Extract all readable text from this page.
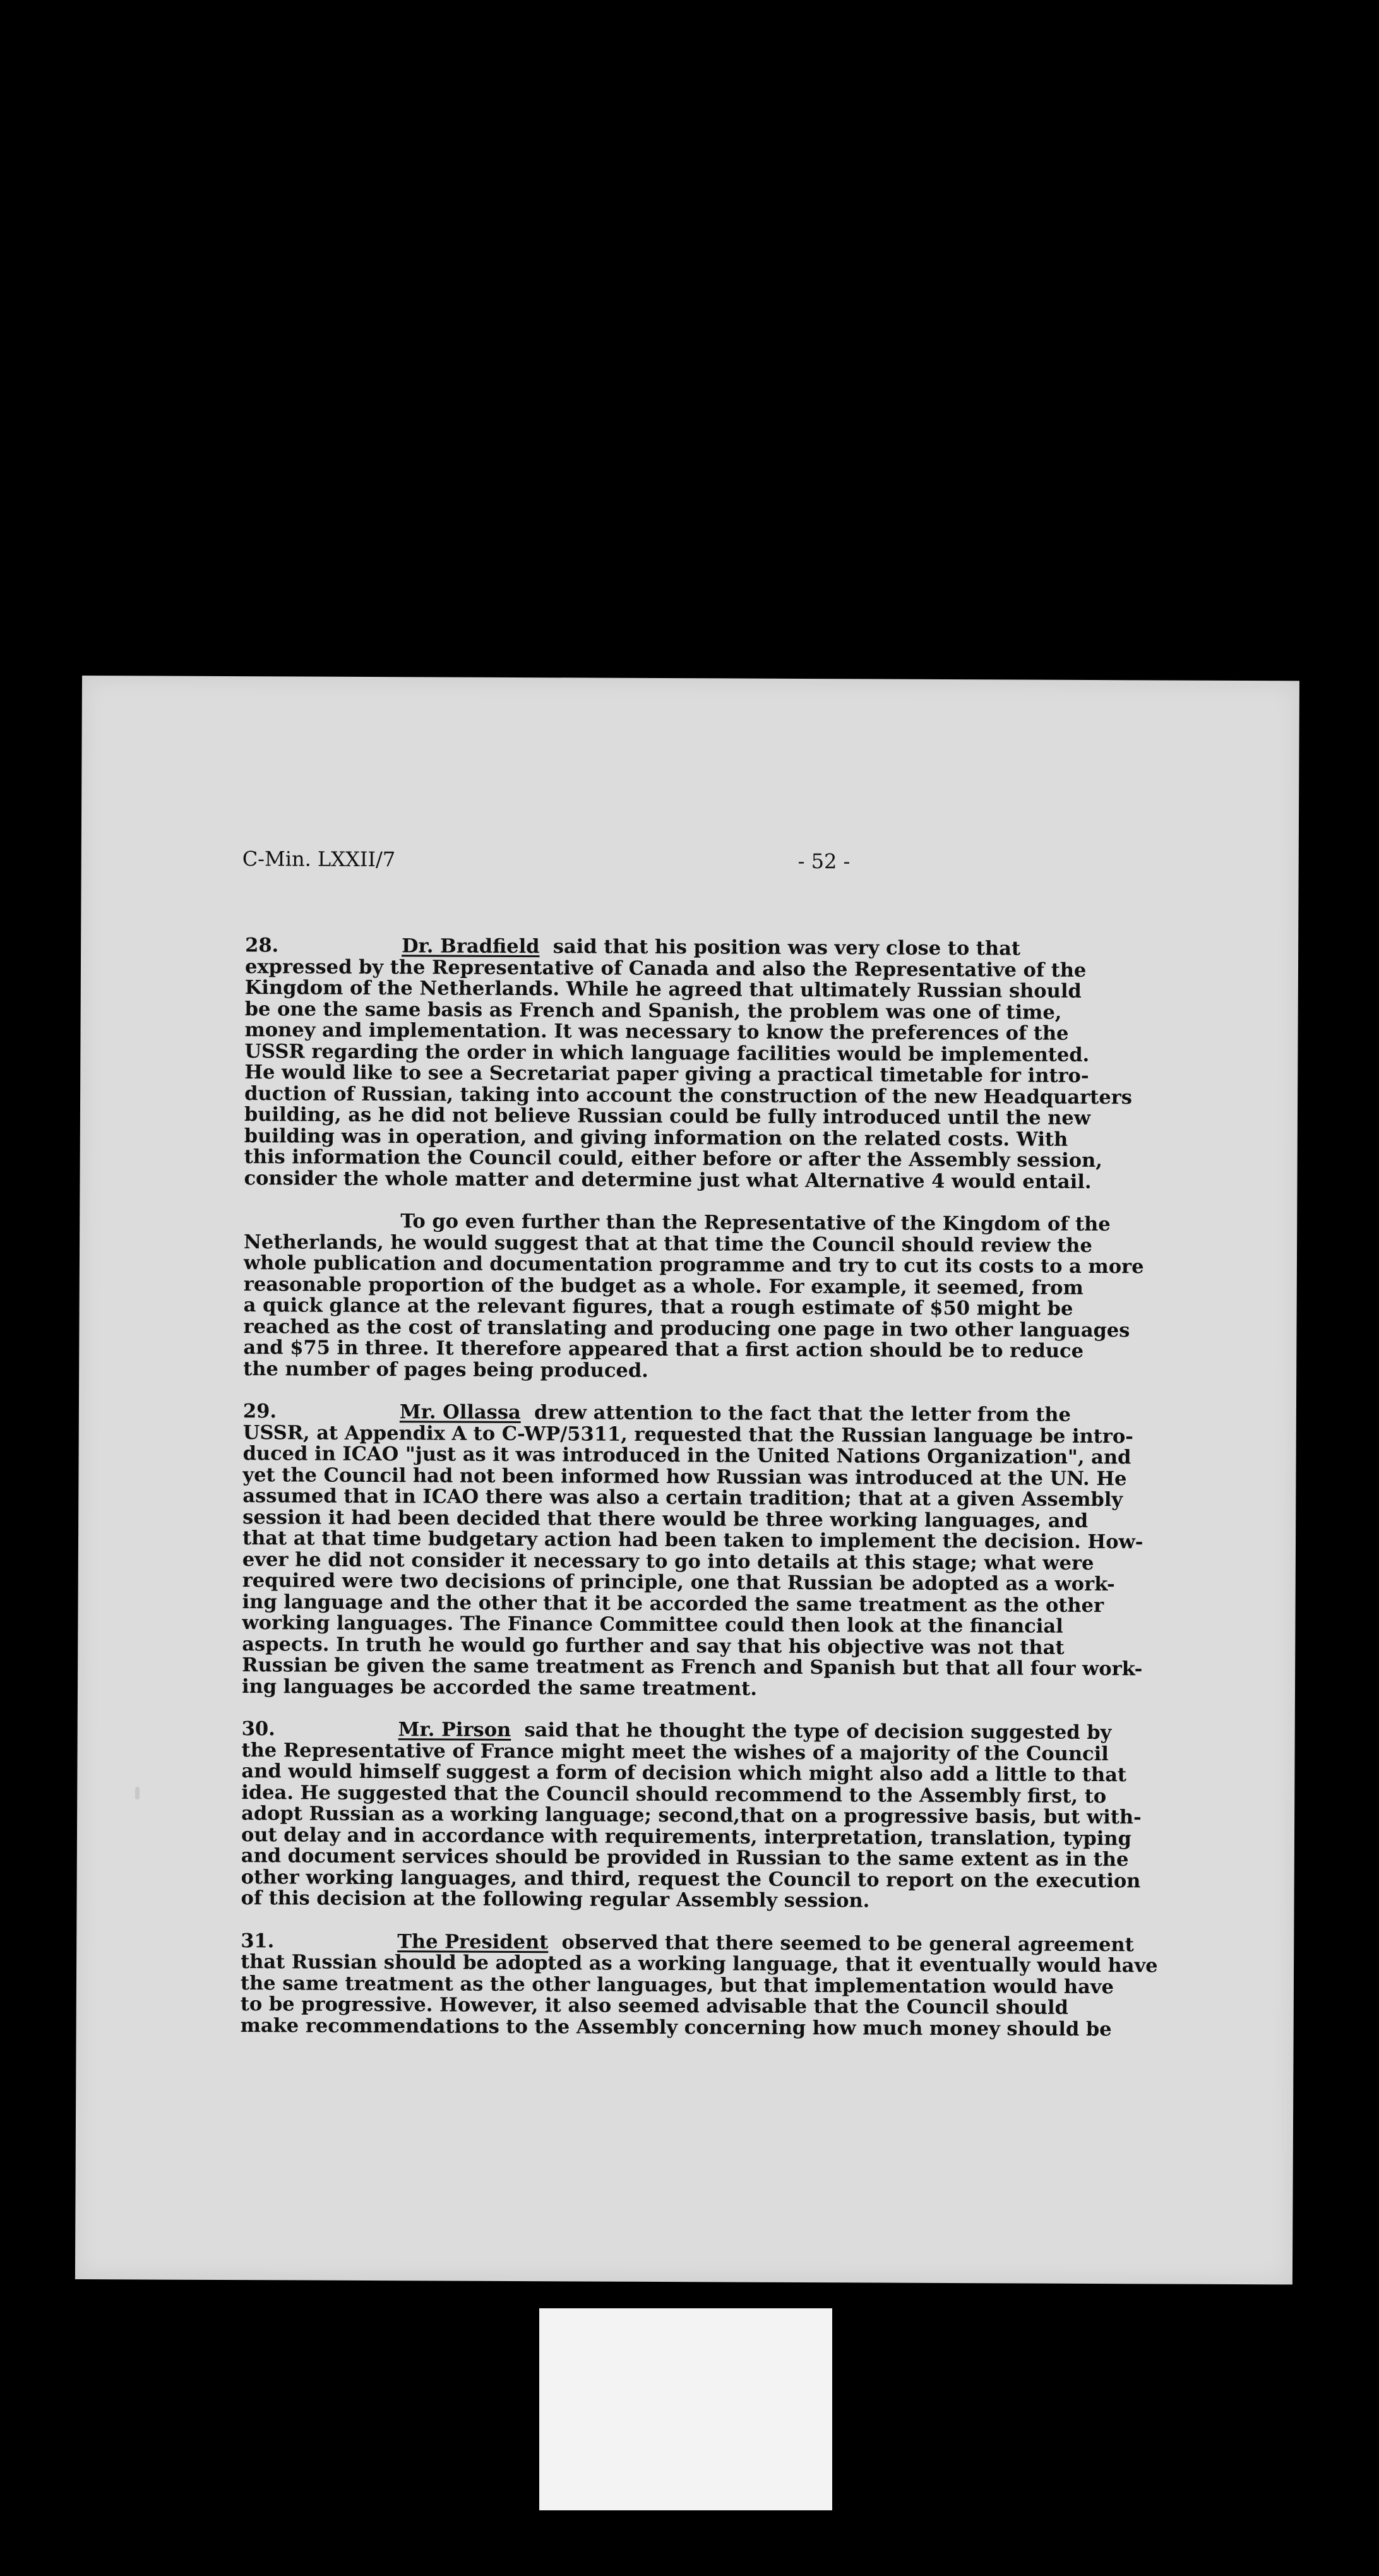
C-Min. LXXII/7	- 52 -

28.	Dr. Bradfield said that his position was very close to that

expressed by the Representative of Canada and also the Representative of the

Kingdom of the Netherlands. While he agreed that ultimately Russian should

be one the same basis as French and Spanish, the problem was one of time,

money and implementation. It was necessary to know the preferences of the

USSR regarding the order in which language facilities would be implemented.

He would like to see a Secretariat paper giving a practical timetable for intro-

duction of Russian, taking into account the construction of the new Headquarters

building, as he did not believe Russian could be fully introduced until the new

building was in operation, and giving information on the related costs. With

this information the Council could, either before or after the Assembly session,

consider the whole matter and determine just what Alternative 4 would entail.

To go even further than the Representative of the Kingdom of the

Netherlands, he would suggest that at that time the Council should review the

whole publication and documentation programme and try to cut its costs to a more

reasonable proportion of the budget as a whole. For example, it seemed, from

a quick glance at the relevant figures, that a rough estimate of $50 might be

reached as the cost of translating and producing one page in two other languages

and $75 in three. It therefore appeared that a first action should be to reduce

the number of pages being produced.

29.	Mr. Ollassa drew attention to the fact that the letter from the

USSR, at Appendix A to C-WP/5311, requested that the Russian language be intro-

duced in ICAO "just as it was introduced in the United Nations Organization", and

yet the Council had not been informed how Russian was introduced at the UN. He

assumed that in ICAO there was also a certain tradition; that at a given Assembly

session it had been decided that there would be three working languages, and

that at that time budgetary action had been taken to implement the decision. How-

ever he did not consider it necessary to go into details at this stage; what were

required were two decisions of principle, one that Russian be adopted as a work-

ing language and the other that it be accorded the same treatment as the other

working languages. The Finance Committee could then look at the financial

aspects. In truth he would go further and say that his objective was not that

Russian be given the same treatment as French and Spanish but that all four work-

ing languages be accorded the same treatment.

30.	Mr. Pirson said that he thought the type of decision suggested by

the Representative of France might meet the wishes of a majority of the Council

and would himself suggest a form of decision which might also add a little to that

idea. He suggested that the Council should recommend to the Assembly first, to

adopt Russian as a working language; second,that on a progressive basis, but with-

out delay and in accordance with requirements, interpretation, translation, typing

and document services should be provided in Russian to the same extent as in the

other working languages, and third, request the Council to report on the execution

of this decision at the following regular Assembly session.

31.	The President observed that there seemed to be general agreement

that Russian should be adopted as a working language, that it eventually would have

the same treatment as the other languages, but that implementation would have

to be progressive. However, it also seemed advisable that the Council should

make recommendations to the Assembly concerning how much money should be
